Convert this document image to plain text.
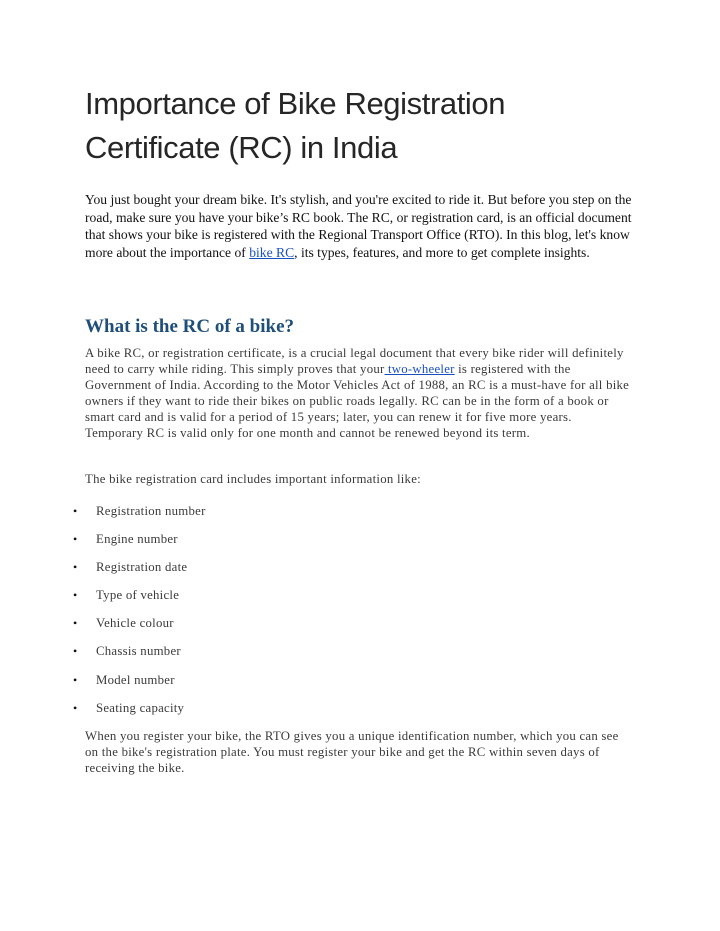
Importance of Bike Registration Certificate (RC) in India

You just bought your dream bike. It's stylish, and you're excited to ride it. But before you step on the road, make sure you have your bike’s RC book. The RC, or registration card, is an official document that shows your bike is registered with the Regional Transport Office (RTO). In this blog, let's know more about the importance of bike RC, its types, features, and more to get complete insights.

What is the RC of a bike?

A bike RC, or registration certificate, is a crucial legal document that every bike rider will definitely need to carry while riding. This simply proves that your two-wheeler is registered with the Government of India. According to the Motor Vehicles Act of 1988, an RC is a must-have for all bike owners if they want to ride their bikes on public roads legally. RC can be in the form of a book or smart card and is valid for a period of 15 years; later, you can renew it for five more years. Temporary RC is valid only for one month and cannot be renewed beyond its term.

The bike registration card includes important information like:

• Registration number
• Engine number
• Registration date
• Type of vehicle
• Vehicle colour
• Chassis number
• Model number
• Seating capacity

When you register your bike, the RTO gives you a unique identification number, which you can see on the bike's registration plate. You must register your bike and get the RC within seven days of receiving the bike.
